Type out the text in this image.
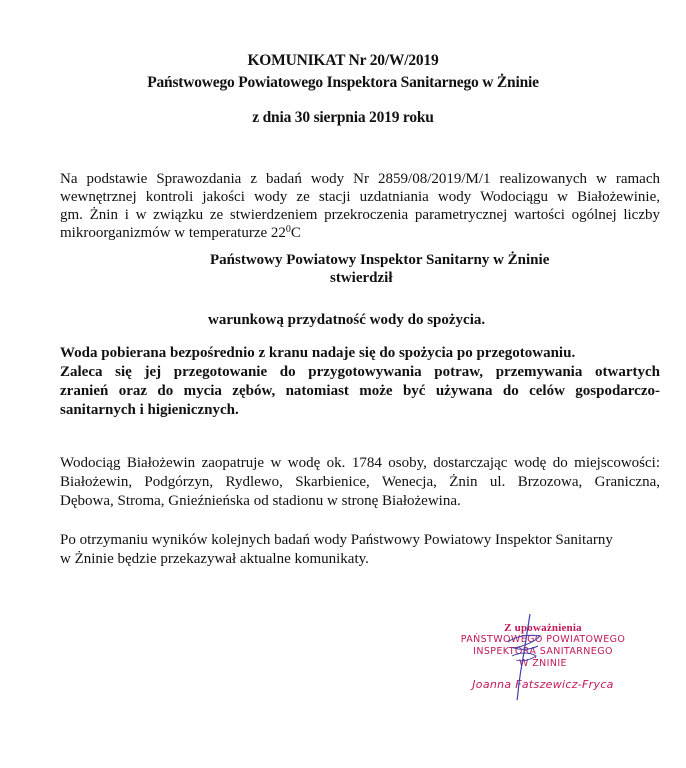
KOMUNIKAT Nr 20/W/2019
Państwowego Powiatowego Inspektora Sanitarnego w Żninie
z dnia 30 sierpnia 2019 roku
Na podstawie Sprawozdania z badań wody Nr 2859/08/2019/M/1 realizowanych w ramach
wewnętrznej kontroli jakości wody ze stacji uzdatniania wody Wodociągu w Białożewinie,
gm. Żnin i w związku ze stwierdzeniem przekroczenia parametrycznej wartości ogólnej liczby
mikroorganizmów w temperaturze $22^0C$
Państwowy Powiatowy Inspektor Sanitarny w Żninie
stwierdził
warunkową przydatność wody do spożycia.
Woda pobierana bezpośrednio z kranu nadaje się do spożycia po przegotowaniu.
Zaleca się jej przegotowanie do przygotowywania potraw, przemywania otwartych
zranień oraz do mycia zębów, natomiast może być używana do celów gospodarczo-
sanitarnych i higienicznych.
Wodociąg Białożewin zaopatruje w wodę ok. 1784 osoby, dostarczając wodę do miejscowości:
Białożewin, Podgórzyn, Rydlewo, Skarbienice, Wenecja, Żnin ul. Brzozowa, Graniczna,
Dębowa, Stroma, Gnieźnieńska od stadionu w stronę Białożewina.
Po otrzymaniu wyników kolejnych badań wody Państwowy Powiatowy Inspektor Sanitarny
w Żninie będzie przekazywał aktualne komunikaty.
Z upoważnienia
PAŃSTWOWEGO POWIATOWEGO
INSPEKTORA SANITARNEGO
W ŻNINIE
Joanna Fatszewicz-Fryca
